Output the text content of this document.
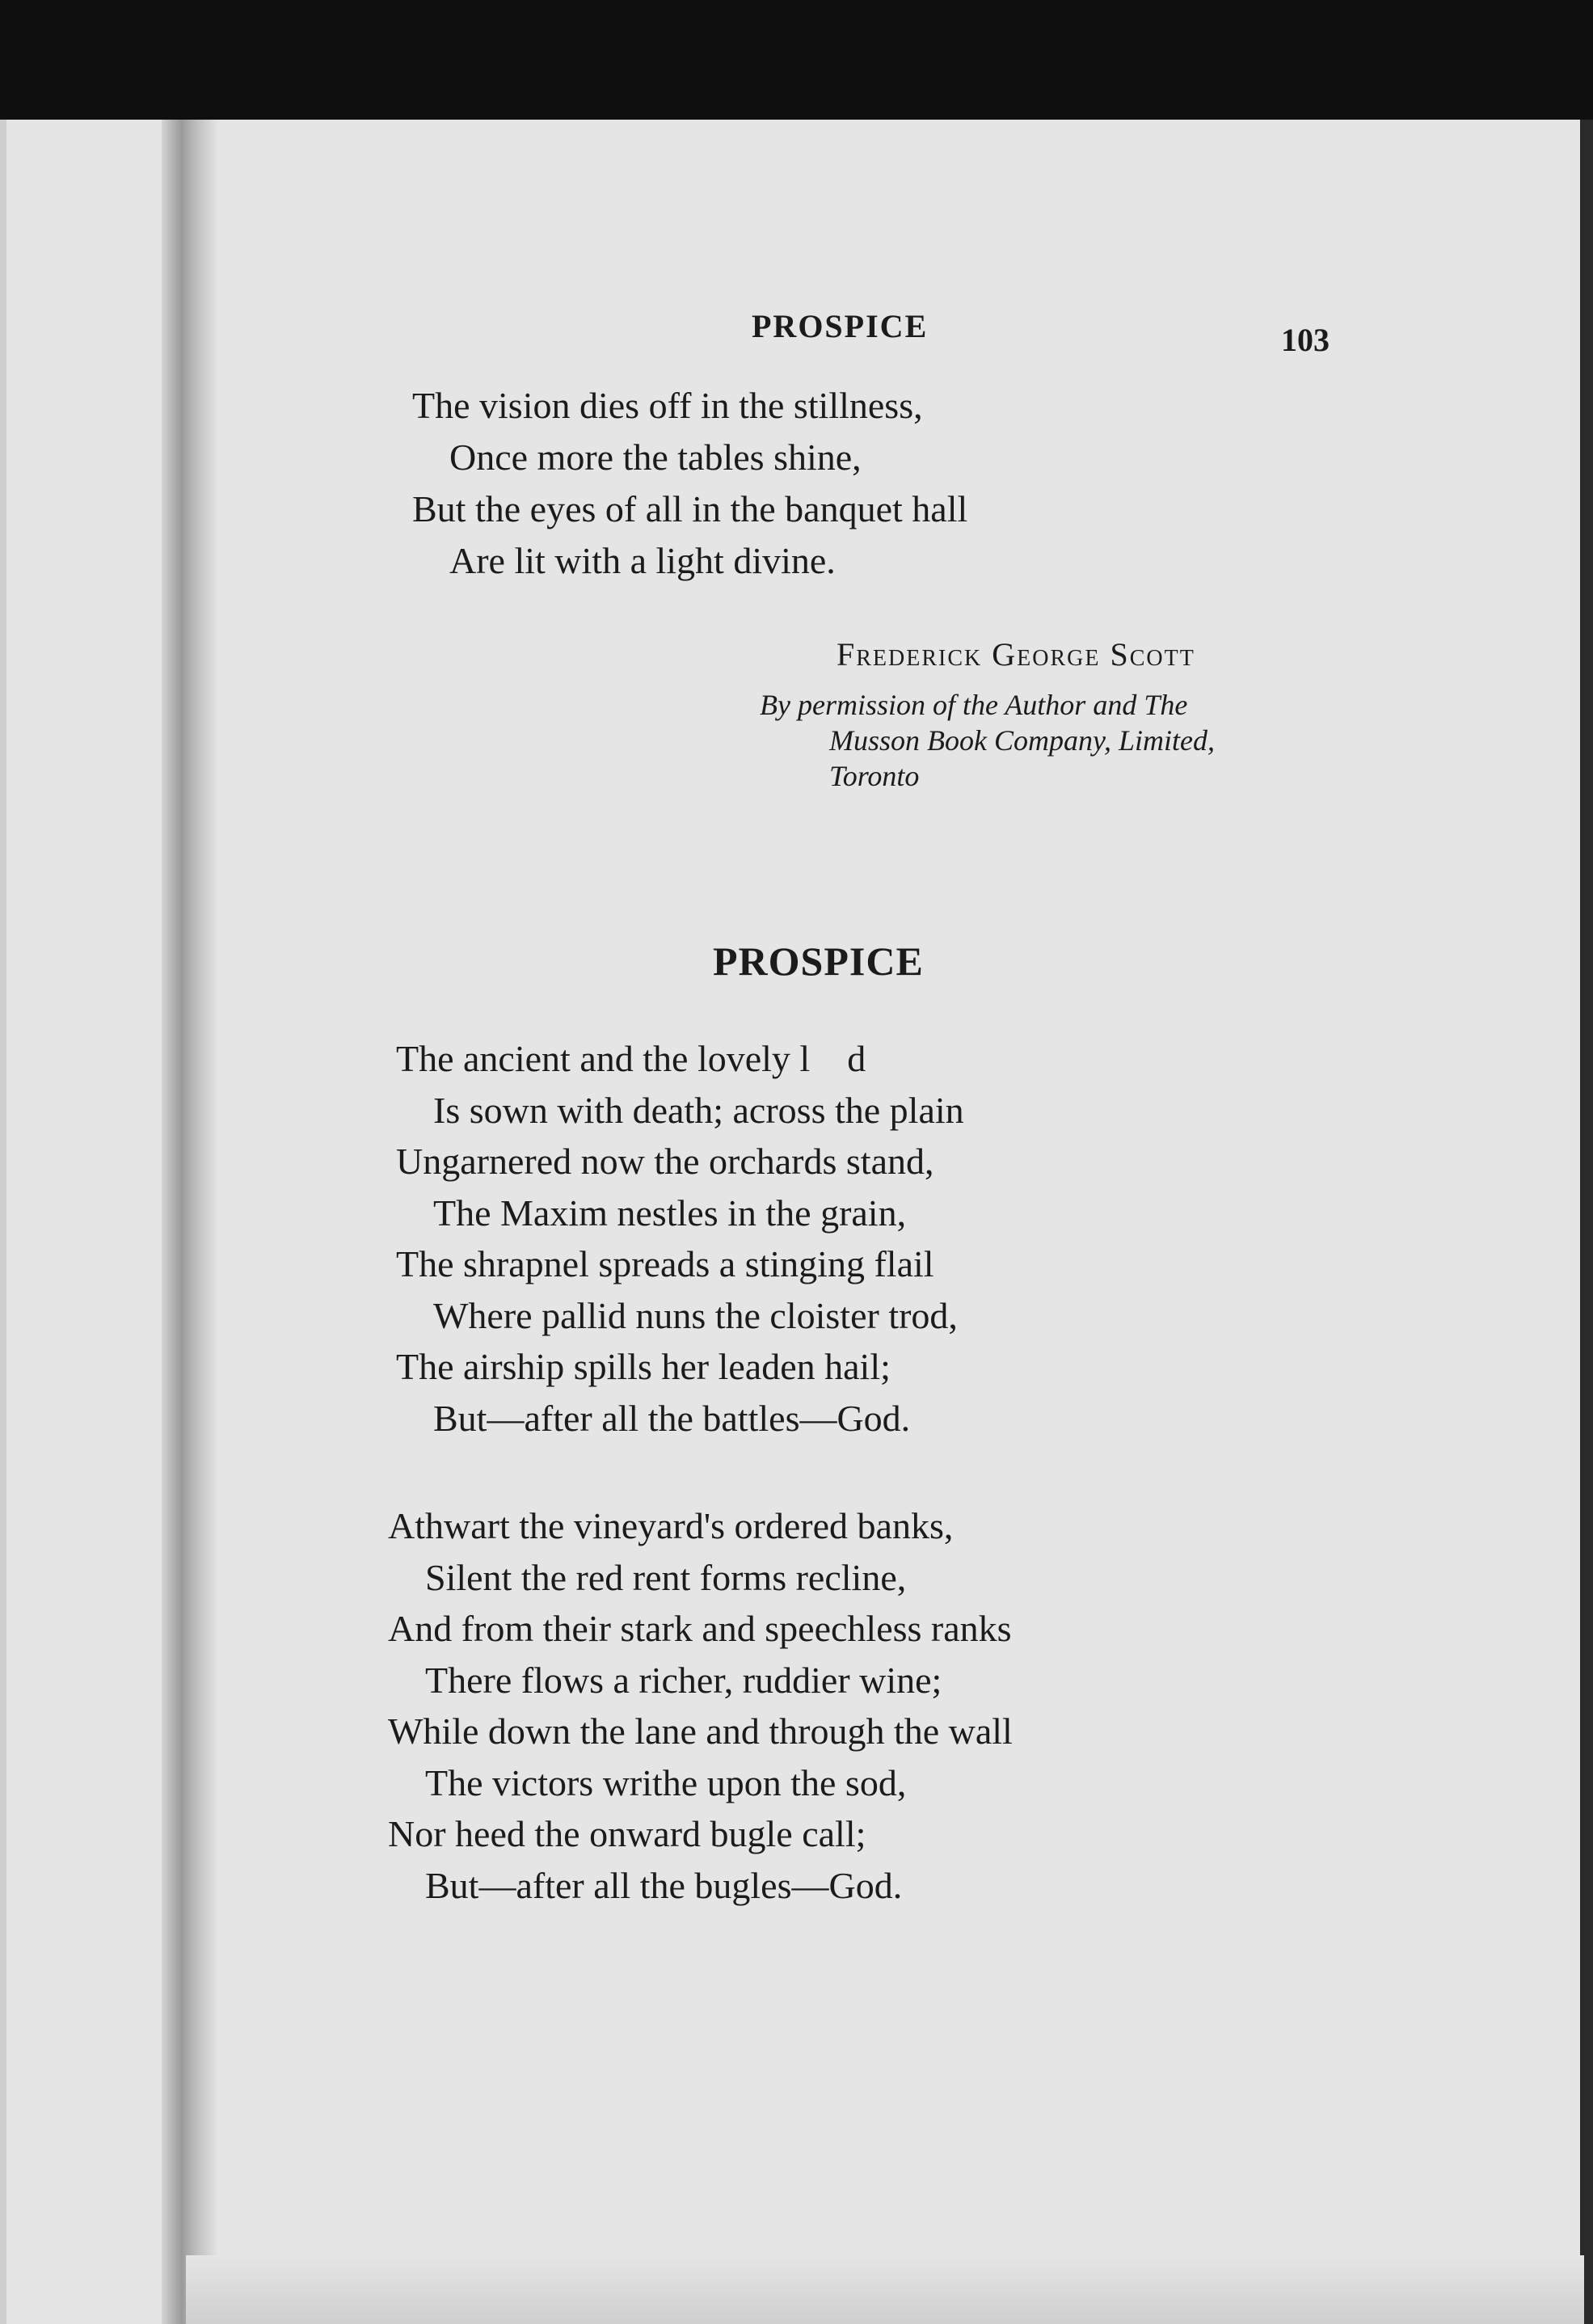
PROSPICE	103
The vision dies off in the stillness,
Once more the tables shine,
But the eyes of all in the banquet hall
Are lit with a light divine.
Frederick George Scott
By permission of the Author and The
Musson Book Company, Limited,
Toronto
PROSPICE
The ancient and the lovely l    d
Is sown with death; across the plain
Ungarnered now the orchards stand,
The Maxim nestles in the grain,
The shrapnel spreads a stinging flail
Where pallid nuns the cloister trod,
The airship spills her leaden hail;
But—after all the battles—God.
Athwart the vineyard's ordered banks,
Silent the red rent forms recline,
And from their stark and speechless ranks
There flows a richer, ruddier wine;
While down the lane and through the wall
The victors writhe upon the sod,
Nor heed the onward bugle call;
But—after all the bugles—God.
